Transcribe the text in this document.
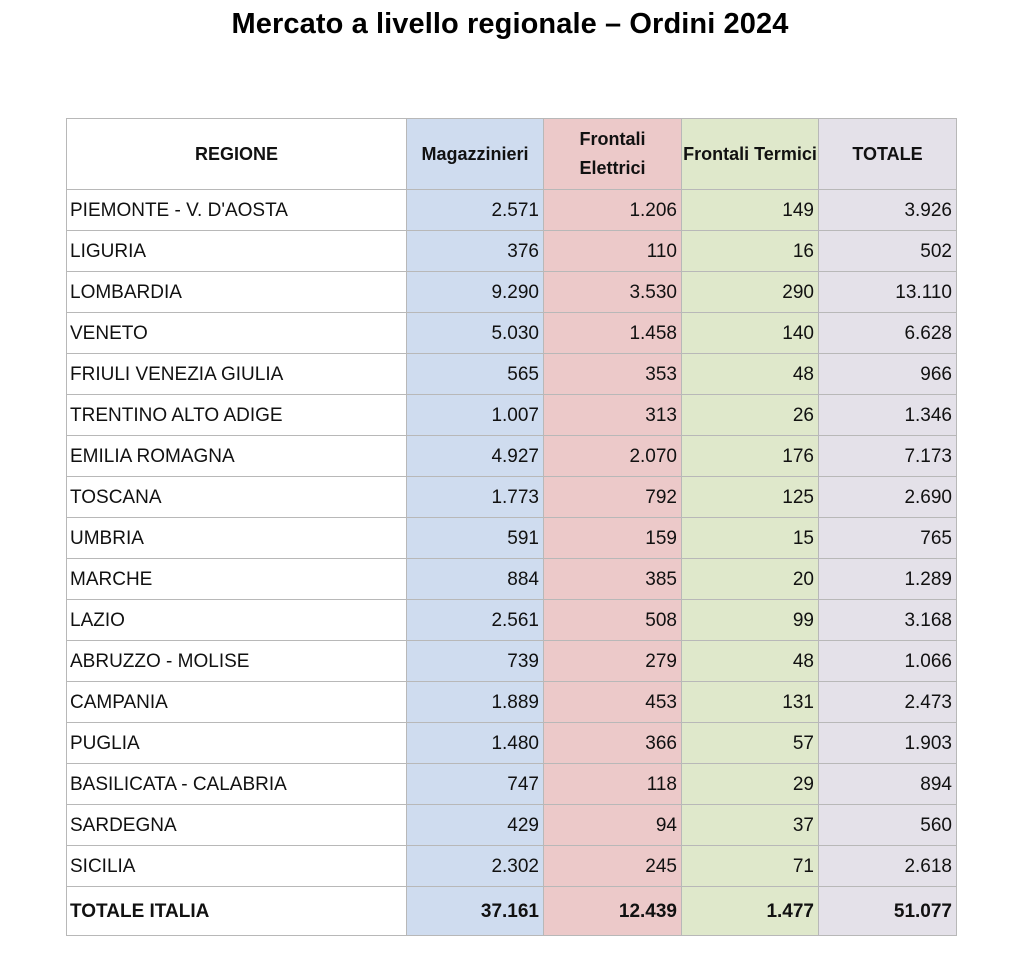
Mercato a livello regionale – Ordini 2024
REGIONE	Magazzinieri	Frontali Elettrici	Frontali Termici	TOTALE
PIEMONTE - V. D'AOSTA	2.571	1.206	149	3.926
LIGURIA	376	110	16	502
LOMBARDIA	9.290	3.530	290	13.110
VENETO	5.030	1.458	140	6.628
FRIULI VENEZIA GIULIA	565	353	48	966
TRENTINO ALTO ADIGE	1.007	313	26	1.346
EMILIA ROMAGNA	4.927	2.070	176	7.173
TOSCANA	1.773	792	125	2.690
UMBRIA	591	159	15	765
MARCHE	884	385	20	1.289
LAZIO	2.561	508	99	3.168
ABRUZZO - MOLISE	739	279	48	1.066
CAMPANIA	1.889	453	131	2.473
PUGLIA	1.480	366	57	1.903
BASILICATA - CALABRIA	747	118	29	894
SARDEGNA	429	94	37	560
SICILIA	2.302	245	71	2.618
TOTALE ITALIA	37.161	12.439	1.477	51.077
